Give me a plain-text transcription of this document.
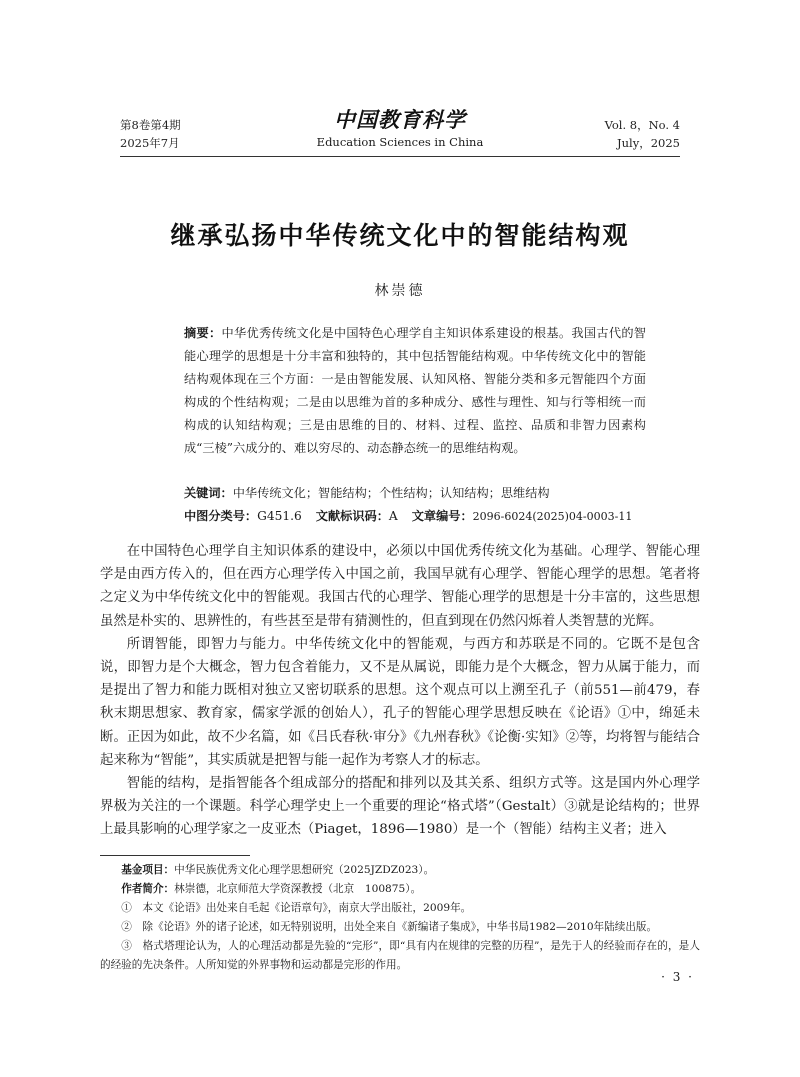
第8卷第4期
2025年7月
中国教育科学
Education Sciences in China
Vol. 8，No. 4
July，2025
继承弘扬中华传统文化中的智能结构观
林崇德
摘要：中华优秀传统文化是中国特色心理学自主知识体系建设的根基。我国古代的智能心理学的思想是十分丰富和独特的，其中包括智能结构观。中华传统文化中的智能结构观体现在三个方面：一是由智能发展、认知风格、智能分类和多元智能四个方面构成的个性结构观；二是由以思维为首的多种成分、感性与理性、知与行等相统一而构成的认知结构观；三是由思维的目的、材料、过程、监控、品质和非智力因素构成“三棱”六成分的、难以穷尽的、动态静态统一的思维结构观。
关键词：中华传统文化；智能结构；个性结构；认知结构；思维结构
中图分类号：G451.6 文献标识码：A 文章编号：2096-6024(2025)04-0003-11

在中国特色心理学自主知识体系的建设中，必须以中国优秀传统文化为基础。心理学、智能心理学是由西方传入的，但在西方心理学传入中国之前，我国早就有心理学、智能心理学的思想。笔者将之定义为中华传统文化中的智能观。我国古代的心理学、智能心理学的思想是十分丰富的，这些思想虽然是朴实的、思辨性的，有些甚至是带有猜测性的，但直到现在仍然闪烁着人类智慧的光辉。

所谓智能，即智力与能力。中华传统文化中的智能观，与西方和苏联是不同的。它既不是包含说，即智力是个大概念，智力包含着能力，又不是从属说，即能力是个大概念，智力从属于能力，而是提出了智力和能力既相对独立又密切联系的思想。这个观点可以上溯至孔子（前551—前479，春秋末期思想家、教育家，儒家学派的创始人），孔子的智能心理学思想反映在《论语》①中，绵延未断。正因为如此，故不少名篇，如《吕氏春秋·审分》《九州春秋》《论衡·实知》②等，均将智与能结合起来称为“智能”，其实质就是把智与能一起作为考察人才的标志。

智能的结构，是指智能各个组成部分的搭配和排列以及其关系、组织方式等。这是国内外心理学界极为关注的一个课题。科学心理学史上一个重要的理论“格式塔”（Gestalt）③就是论结构的；世界上最具影响的心理学家之一皮亚杰（Piaget，1896—1980）是一个（智能）结构主义者；进入

基金项目：中华民族优秀文化心理学思想研究（2025JZDZ023）。
作者简介：林崇德，北京师范大学资深教授（北京　100875）。
①　本文《论语》出处来自毛起《论语章句》，南京大学出版社，2009年。
②　除《论语》外的诸子论述，如无特别说明，出处全来自《新编诸子集成》，中华书局1982—2010年陆续出版。
③　格式塔理论认为，人的心理活动都是先验的“完形”，即“具有内在规律的完整的历程”，是先于人的经验而存在的，是人的经验的先决条件。人所知觉的外界事物和运动都是完形的作用。
· 3 ·
